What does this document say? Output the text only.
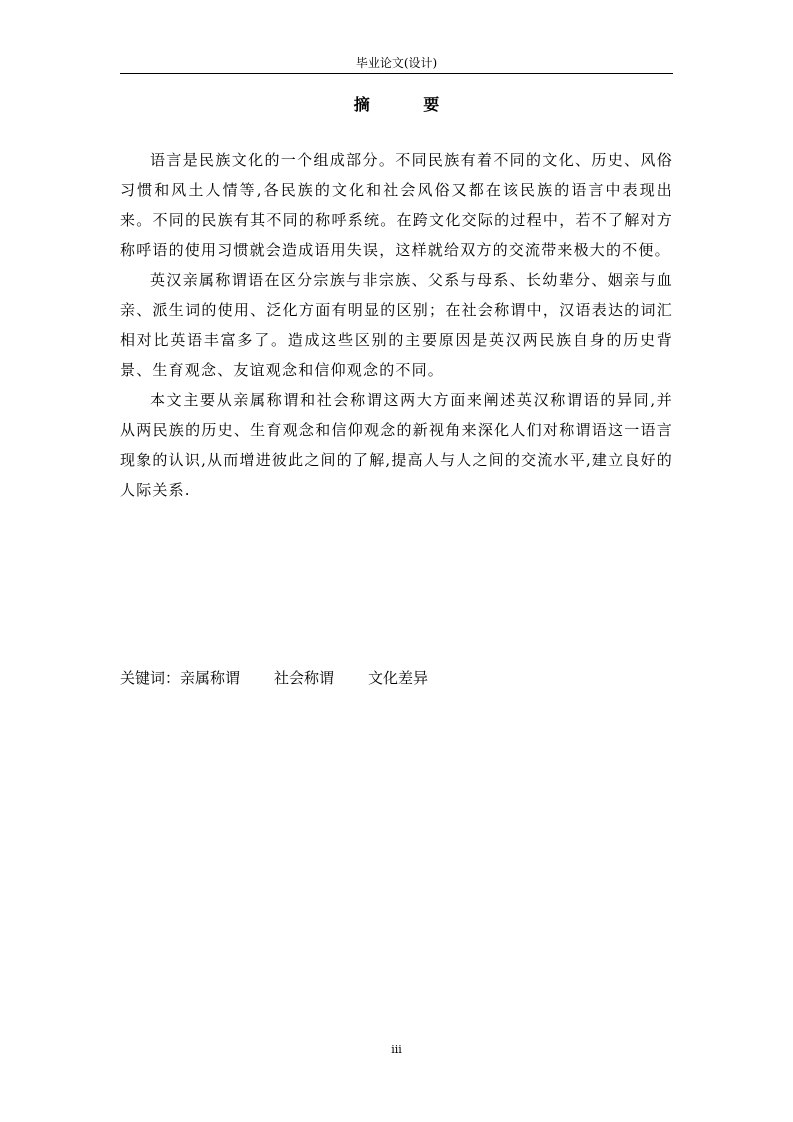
毕业论文(设计)
摘 要

语言是民族文化的一个组成部分。不同民族有着不同的文化、历史、风俗习惯和风土人情等,各民族的文化和社会风俗又都在该民族的语言中表现出来。不同的民族有其不同的称呼系统。在跨文化交际的过程中，若不了解对方称呼语的使用习惯就会造成语用失误，这样就给双方的交流带来极大的不便。

英汉亲属称谓语在区分宗族与非宗族、父系与母系、长幼辈分、姻亲与血亲、派生词的使用、泛化方面有明显的区别；在社会称谓中，汉语表达的词汇相对比英语丰富多了。造成这些区别的主要原因是英汉两民族自身的历史背景、生育观念、友谊观念和信仰观念的不同。

本文主要从亲属称谓和社会称谓这两大方面来阐述英汉称谓语的异同,并从两民族的历史、生育观念和信仰观念的新视角来深化人们对称谓语这一语言现象的认识,从而增进彼此之间的了解,提高人与人之间的交流水平,建立良好的人际关系.

关键词：亲属称谓 社会称谓 文化差异
iii
